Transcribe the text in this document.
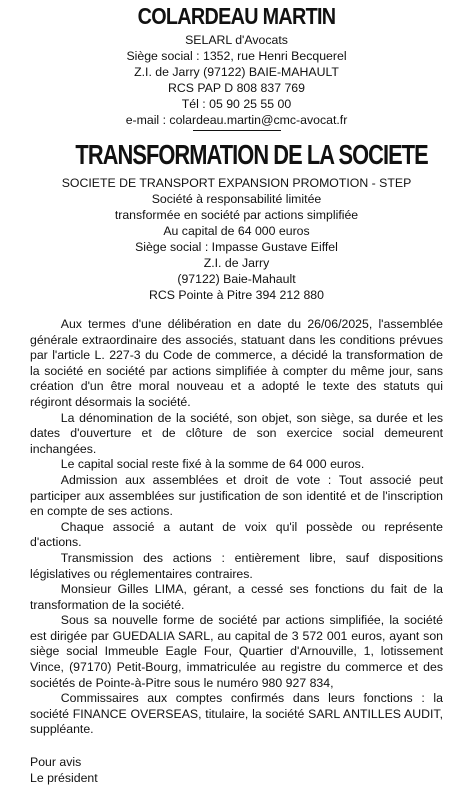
COLARDEAU MARTIN
SELARL d'Avocats
Siège social : 1352, rue Henri Becquerel
Z.I. de Jarry (97122) BAIE-MAHAULT
RCS PAP D 808 837 769
Tél : 05 90 25 55 00
e-mail : colardeau.martin@cmc-avocat.fr
TRANSFORMATION DE LA SOCIETE
SOCIETE DE TRANSPORT EXPANSION PROMOTION - STEP
Société à responsabilité limitée
transformée en société par actions simplifiée
Au capital de 64 000 euros
Siège social : Impasse Gustave Eiffel
Z.I. de Jarry
(97122) Baie-Mahault
RCS Pointe à Pitre 394 212 880

   Aux termes d'une délibération en date du 26/06/2025, l'assemblée générale extraordinaire des associés, statuant dans les conditions prévues par l'article L. 227-3 du Code de commerce, a décidé la transformation de la société en société par actions simplifiée à compter du même jour, sans création d'un être moral nouveau et a adopté le texte des statuts qui régiront désormais la société.

   La dénomination de la société, son objet, son siège, sa durée et les dates d'ouverture et de clôture de son exercice social demeurent inchangées.

   Le capital social reste fixé à la somme de 64 000 euros.

   Admission aux assemblées et droit de vote : Tout associé peut participer aux assemblées sur justification de son identité et de l'inscription en compte de ses actions.

   Chaque associé a autant de voix qu'il possède ou représente d'actions.

   Transmission des actions : entièrement libre, sauf dispositions législatives ou réglementaires contraires.

   Monsieur Gilles LIMA, gérant, a cessé ses fonctions du fait de la transformation de la société.

   Sous sa nouvelle forme de société par actions simplifiée, la société est dirigée par GUEDALIA SARL, au capital de 3 572 001 euros, ayant son siège social Immeuble Eagle Four, Quartier d'Arnouville, 1, lotissement Vince, (97170) Petit-Bourg, immatriculée au registre du commerce et des sociétés de Pointe-à-Pitre sous le numéro 980 927 834,

   Commissaires aux comptes confirmés dans leurs fonctions : la société FINANCE OVERSEAS, titulaire, la société SARL ANTILLES AUDIT, suppléante.

Pour avis
Le président
